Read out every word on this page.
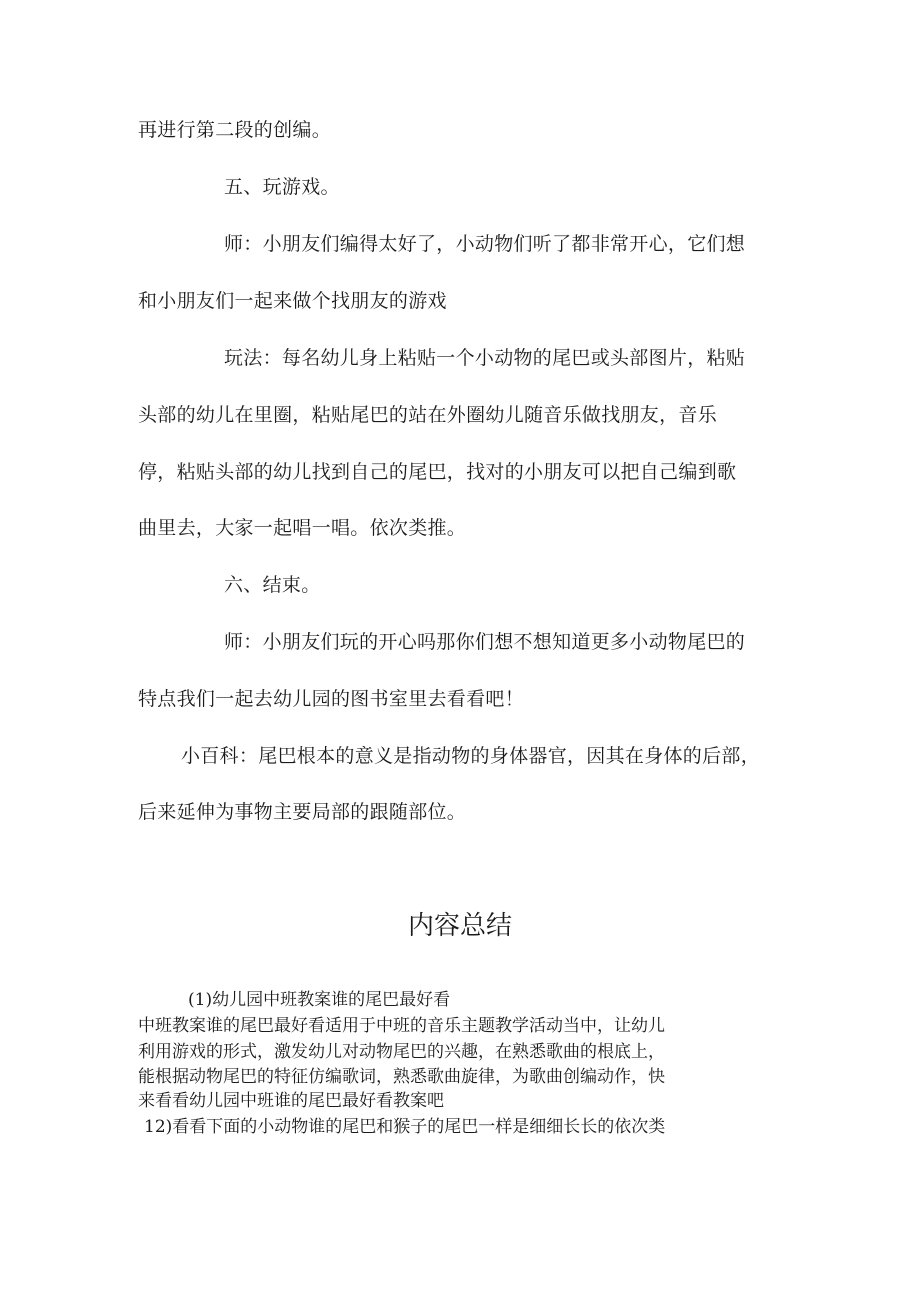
再进行第二段的创编。
五、玩游戏。
师：小朋友们编得太好了，小动物们听了都非常开心，它们想
和小朋友们一起来做个找朋友的游戏
玩法：每名幼儿身上粘贴一个小动物的尾巴或头部图片，粘贴
头部的幼儿在里圈，粘贴尾巴的站在外圈幼儿随音乐做找朋友，音乐
停，粘贴头部的幼儿找到自己的尾巴，找对的小朋友可以把自己编到歌
曲里去，大家一起唱一唱。依次类推。
六、结束。
师：小朋友们玩的开心吗那你们想不想知道更多小动物尾巴的
特点我们一起去幼儿园的图书室里去看看吧！
小百科：尾巴根本的意义是指动物的身体器官，因其在身体的后部，
后来延伸为事物主要局部的跟随部位。
内容总结
(1)幼儿园中班教案谁的尾巴最好看
中班教案谁的尾巴最好看适用于中班的音乐主题教学活动当中，让幼儿
利用游戏的形式，激发幼儿对动物尾巴的兴趣，在熟悉歌曲的根底上，
能根据动物尾巴的特征仿编歌词，熟悉歌曲旋律，为歌曲创编动作，快
来看看幼儿园中班谁的尾巴最好看教案吧
12)看看下面的小动物谁的尾巴和猴子的尾巴一样是细细长长的依次类
